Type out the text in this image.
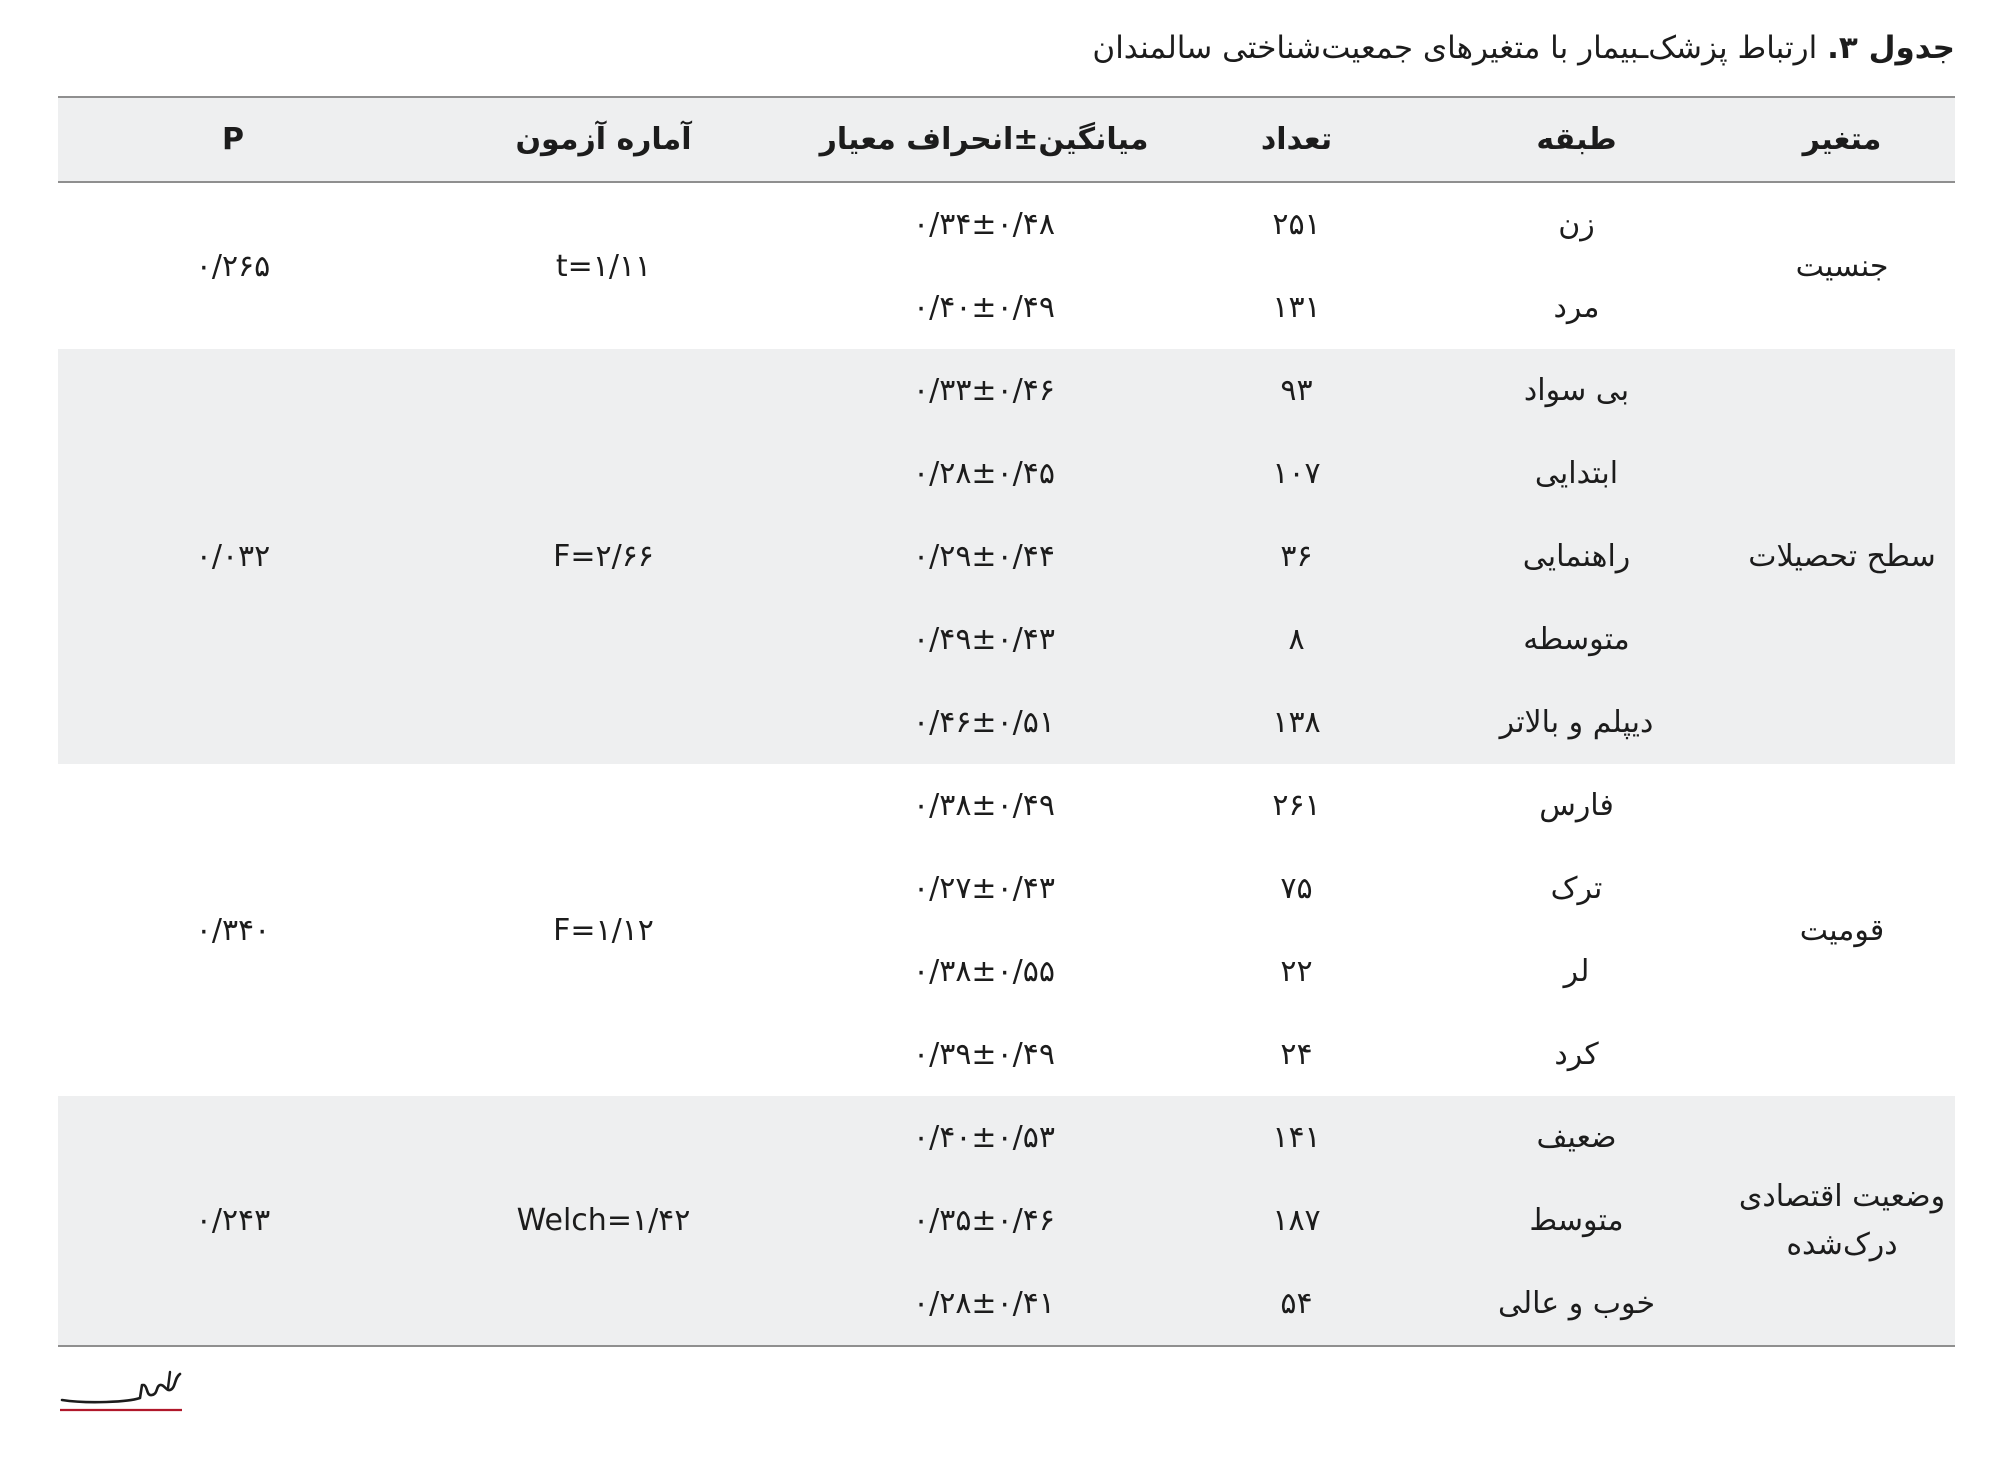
جدول ۳. ارتباط پزشک‌ـبیمار با متغیرهای جمعیت‌شناختی سالمندان
متغیر
طبقه
تعداد
میانگین±انحراف معیار
آماره آزمون
P
جنسیت
t=۱/۱۱
۰/۲۶۵
زن
۲۵۱
۰/۳۴±۰/۴۸
مرد
۱۳۱
۰/۴۰±۰/۴۹
سطح تحصیلات
F=۲/۶۶
۰/۰۳۲
بی سواد
۹۳
۰/۳۳±۰/۴۶
ابتدایی
۱۰۷
۰/۲۸±۰/۴۵
راهنمایی
۳۶
۰/۲۹±۰/۴۴
متوسطه
۸
۰/۴۹±۰/۴۳
دیپلم و بالاتر
۱۳۸
۰/۴۶±۰/۵۱
قومیت
F=۱/۱۲
۰/۳۴۰
فارس
۲۶۱
۰/۳۸±۰/۴۹
ترک
۷۵
۰/۲۷±۰/۴۳
لر
۲۲
۰/۳۸±۰/۵۵
کرد
۲۴
۰/۳۹±۰/۴۹
وضعیت اقتصادی درک‌شده
Welch=۱/۴۲
۰/۲۴۳
ضعیف
۱۴۱
۰/۴۰±۰/۵۳
متوسط
۱۸۷
۰/۳۵±۰/۴۶
خوب و عالی
۵۴
۰/۲۸±۰/۴۱
